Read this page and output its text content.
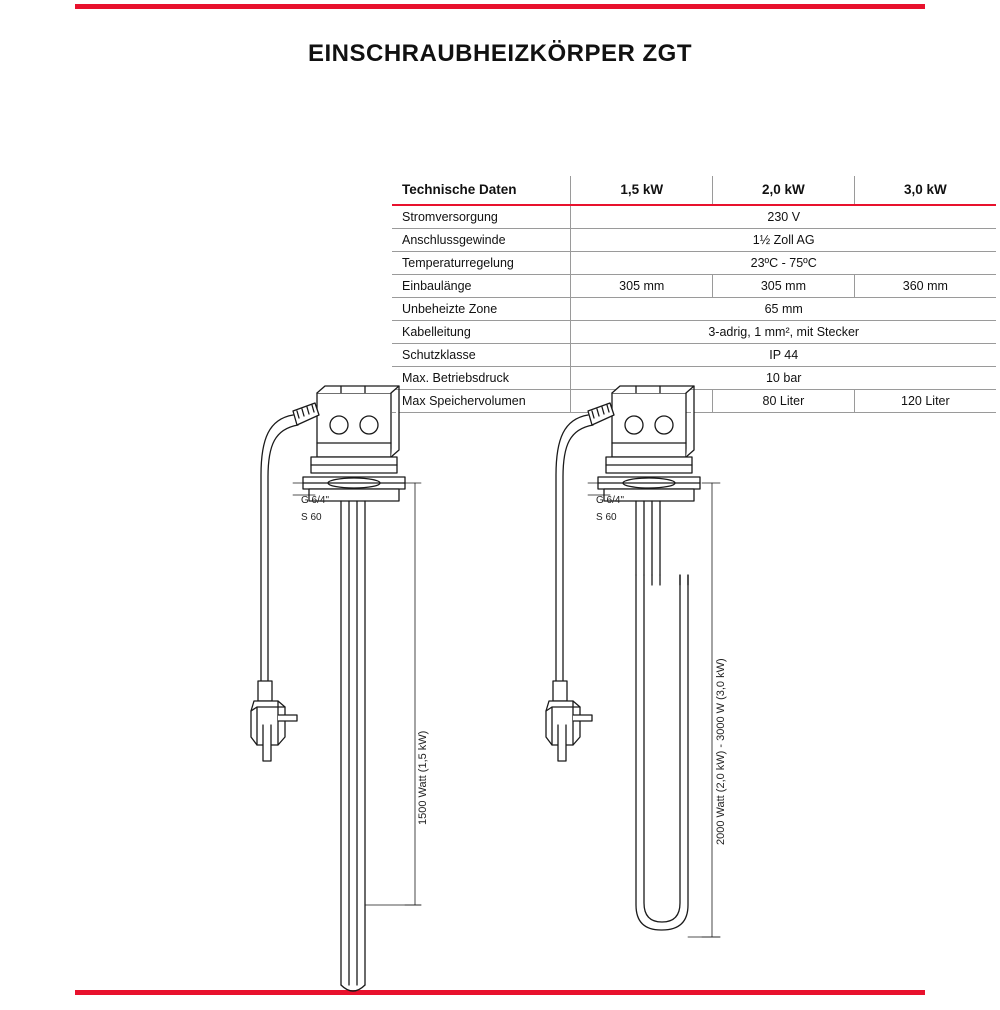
EINSCHRAUBHEIZKÖRPER ZGT
Technische Daten	1,5 kW	2,0 kW	3,0 kW
Stromversorgung	230 V		
Anschlussgewinde	1½ Zoll AG		
Temperaturregelung	23ºC - 75ºC		
Einbaulänge	305 mm	305 mm	360 mm
Unbeheizte Zone	65 mm		
Kabelleitung	3-adrig, 1 mm², mit Stecker		
Schutzklasse	IP 44		
Max. Betriebsdruck	10 bar		
Max Speichervolumen		80 Liter	120 Liter
G 6/4"
S 60
1500 Watt (1,5 kW)
G 6/4"
S 60
2000 Watt (2,0 kW) - 3000 W (3,0 kW)
